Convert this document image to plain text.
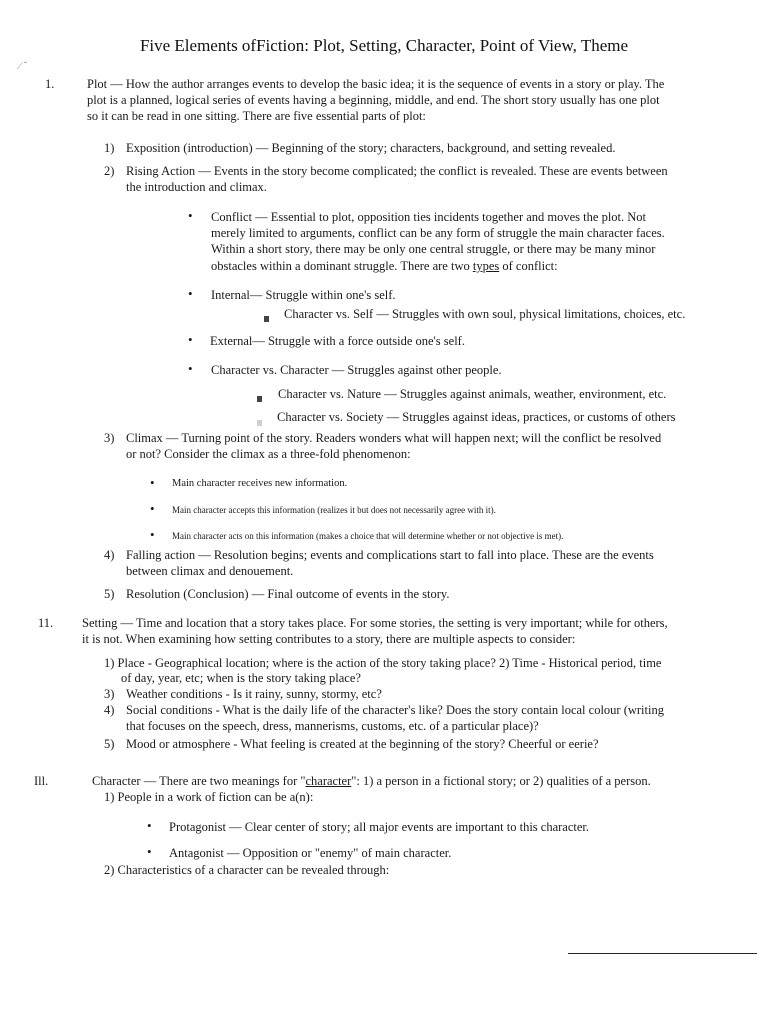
Five Elements ofFiction: Plot, Setting, Character, Point of View, Theme
⁄ ˘
1.	Plot — How the author arranges events to develop the basic idea; it is the sequence of events in a story or play. The
plot is a planned, logical series of events having a beginning, middle, and end. The short story usually has one plot
so it can be read in one sitting. There are five essential parts of plot:
1) Exposition (introduction) — Beginning of the story; characters, background, and setting revealed.
2) Rising Action — Events in the story become complicated; the conflict is revealed. These are events between
the introduction and climax.
• Conflict — Essential to plot, opposition ties incidents together and moves the plot. Not
merely limited to arguments, conflict can be any form of struggle the main character faces.
Within a short story, there may be only one central struggle, or there may be many minor
obstacles within a dominant struggle. There are two types of conflict:
• Internal— Struggle within one's self.
Character vs. Self — Struggles with own soul, physical limitations, choices, etc.
• External— Struggle with a force outside one's self.
• Character vs. Character — Struggles against other people.
Character vs. Nature — Struggles against animals, weather, environment, etc.
Character vs. Society — Struggles against ideas, practices, or customs of others
3) Climax — Turning point of the story. Readers wonders what will happen next; will the conflict be resolved
or not? Consider the climax as a three-fold phenomenon:
• Main character receives new information.
• Main character accepts this information (realizes it but does not necessarily agree with it).
• Main character acts on this information (makes a choice that will determine whether or not objective is met).
4) Falling action — Resolution begins; events and complications start to fall into place. These are the events
between climax and denouement.
5) Resolution (Conclusion) — Final outcome of events in the story.
11. Setting — Time and location that a story takes place. For some stories, the setting is very important; while for others,
it is not. When examining how setting contributes to a story, there are multiple aspects to consider:
1) Place - Geographical location; where is the action of the story taking place? 2) Time - Historical period, time
of day, year, etc; when is the story taking place?
3) Weather conditions - Is it rainy, sunny, stormy, etc?
4) Social conditions - What is the daily life of the character's like? Does the story contain local colour (writing
that focuses on the speech, dress, mannerisms, customs, etc. of a particular place)?
5) Mood or atmosphere - What feeling is created at the beginning of the story? Cheerful or eerie?
Ill.	Character — There are two meanings for "character": 1) a person in a fictional story; or 2) qualities of a person.
1) People in a work of fiction can be a(n):
• Protagonist — Clear center of story; all major events are important to this character.
• Antagonist — Opposition or "enemy" of main character.
2) Characteristics of a character can be revealed through:
